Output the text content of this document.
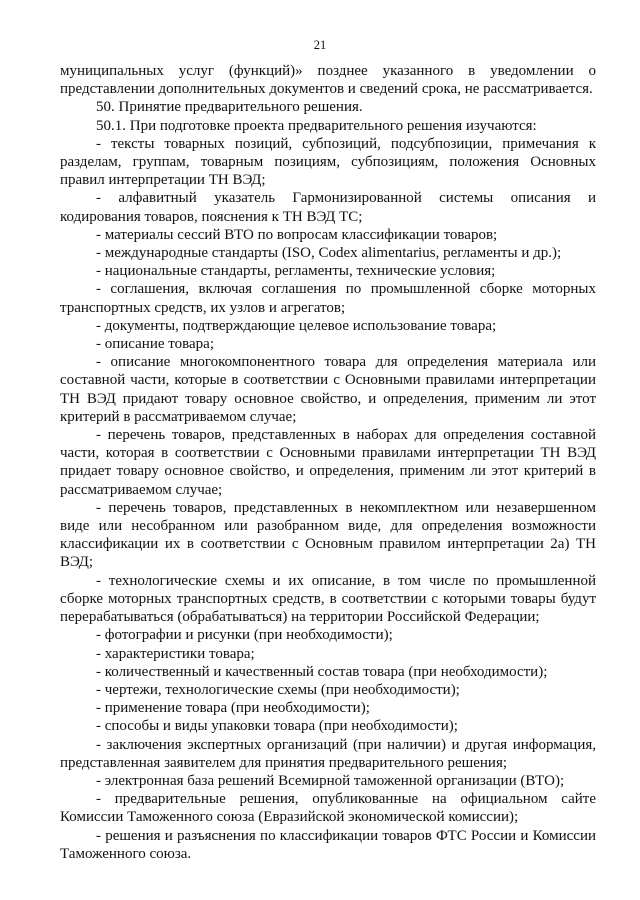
21

муниципальных услуг (функций)» позднее указанного в уведомлении о представлении дополнительных документов и сведений срока, не рассматривается.

50. Принятие предварительного решения.

50.1. При подготовке проекта предварительного решения изучаются:

- тексты товарных позиций, субпозиций, подсубпозиции, примечания к разделам, группам, товарным позициям, субпозициям, положения Основных правил интерпретации ТН ВЭД;

- алфавитный указатель Гармонизированной системы описания и кодирования товаров, пояснения к ТН ВЭД ТС;

- материалы сессий ВТО по вопросам классификации товаров;

- международные стандарты (ISO, Codex alimentarius, регламенты и др.);

- национальные стандарты, регламенты, технические условия;

- соглашения, включая соглашения по промышленной сборке моторных транспортных средств, их узлов и агрегатов;

- документы, подтверждающие целевое использование товара;

- описание товара;

- описание многокомпонентного товара для определения материала или составной части, которые в соответствии с Основными правилами интерпретации ТН ВЭД придают товару основное свойство, и определения, применим ли этот критерий в рассматриваемом случае;

- перечень товаров, представленных в наборах для определения составной части, которая в соответствии с Основными правилами интерпретации ТН ВЭД придает товару основное свойство, и определения, применим ли этот критерий в рассматриваемом случае;

- перечень товаров, представленных в некомплектном или незавершенном виде или несобранном или разобранном виде, для определения возможности классификации их в соответствии с Основным правилом интерпретации 2а) ТН ВЭД;

- технологические схемы и их описание, в том числе по промышленной сборке моторных транспортных средств, в соответствии с которыми товары будут перерабатываться (обрабатываться) на территории Российской Федерации;

- фотографии и рисунки (при необходимости);

- характеристики товара;

- количественный и качественный состав товара (при необходимости);

- чертежи, технологические схемы (при необходимости);

- применение товара (при необходимости);

- способы и виды упаковки товара (при необходимости);

- заключения экспертных организаций (при наличии) и другая информация, представленная заявителем для принятия предварительного решения;

- электронная база решений Всемирной таможенной организации (ВТО);

- предварительные решения, опубликованные на официальном сайте Комиссии Таможенного союза (Евразийской экономической комиссии);

- решения и разъяснения по классификации товаров ФТС России и Комиссии Таможенного союза.
